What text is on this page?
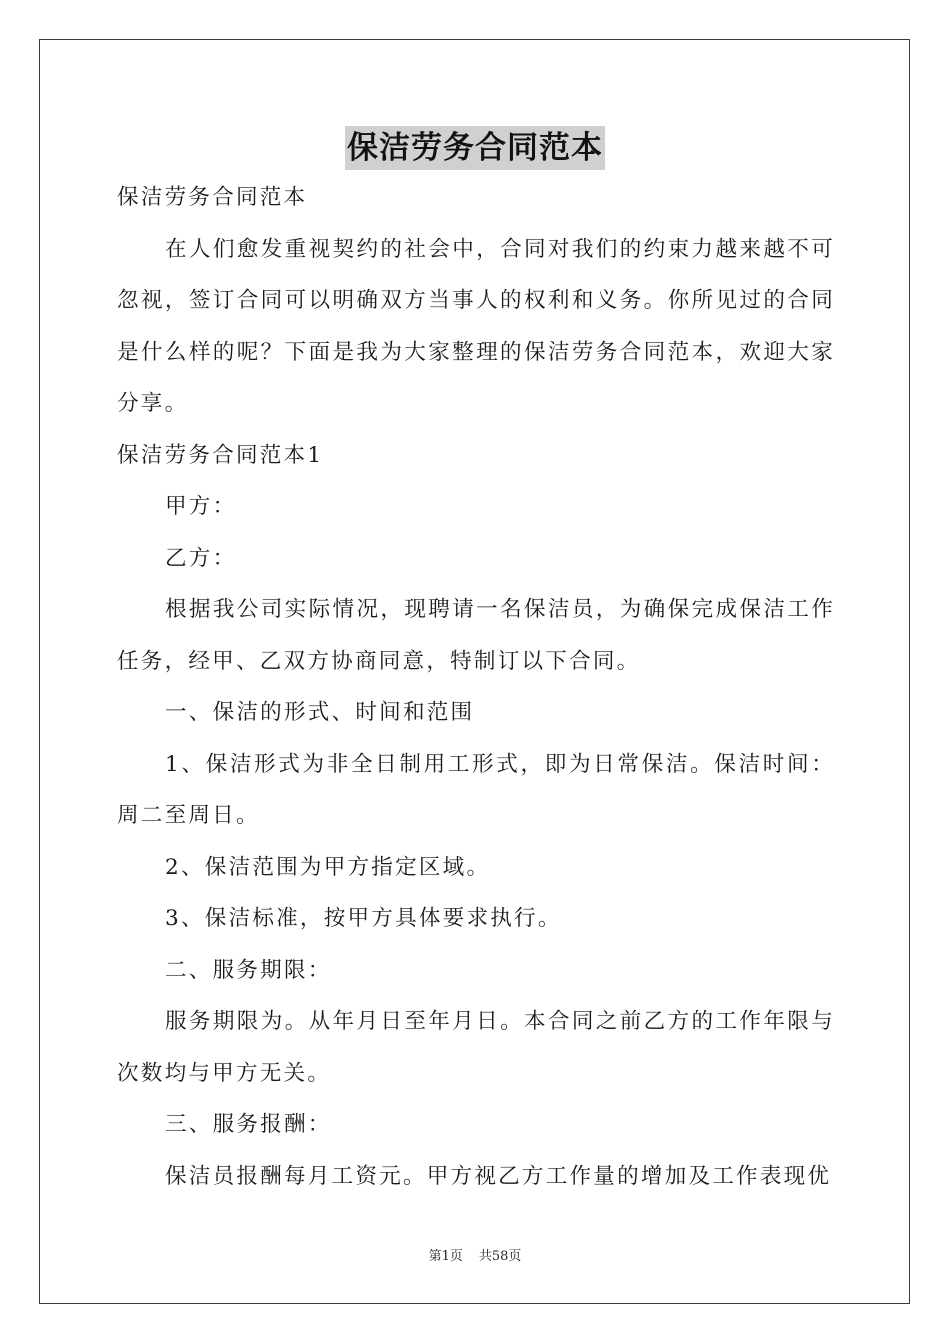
保洁劳务合同范本

保洁劳务合同范本

在人们愈发重视契约的社会中，合同对我们的约束力越来越不可忽视，签订合同可以明确双方当事人的权利和义务。你所见过的合同是什么样的呢？下面是我为大家整理的保洁劳务合同范本，欢迎大家分享。

保洁劳务合同范本1

甲方：

乙方：

根据我公司实际情况，现聘请一名保洁员，为确保完成保洁工作任务，经甲、乙双方协商同意，特制订以下合同。

一、保洁的形式、时间和范围

1、保洁形式为非全日制用工形式，即为日常保洁。保洁时间：周二至周日。

2、保洁范围为甲方指定区域。

3、保洁标准，按甲方具体要求执行。

二、服务期限：

服务期限为。从年月日至年月日。本合同之前乙方的工作年限与次数均与甲方无关。

三、服务报酬：

保洁员报酬每月工资元。甲方视乙方工作量的增加及工作表现优

第1页 共58页
